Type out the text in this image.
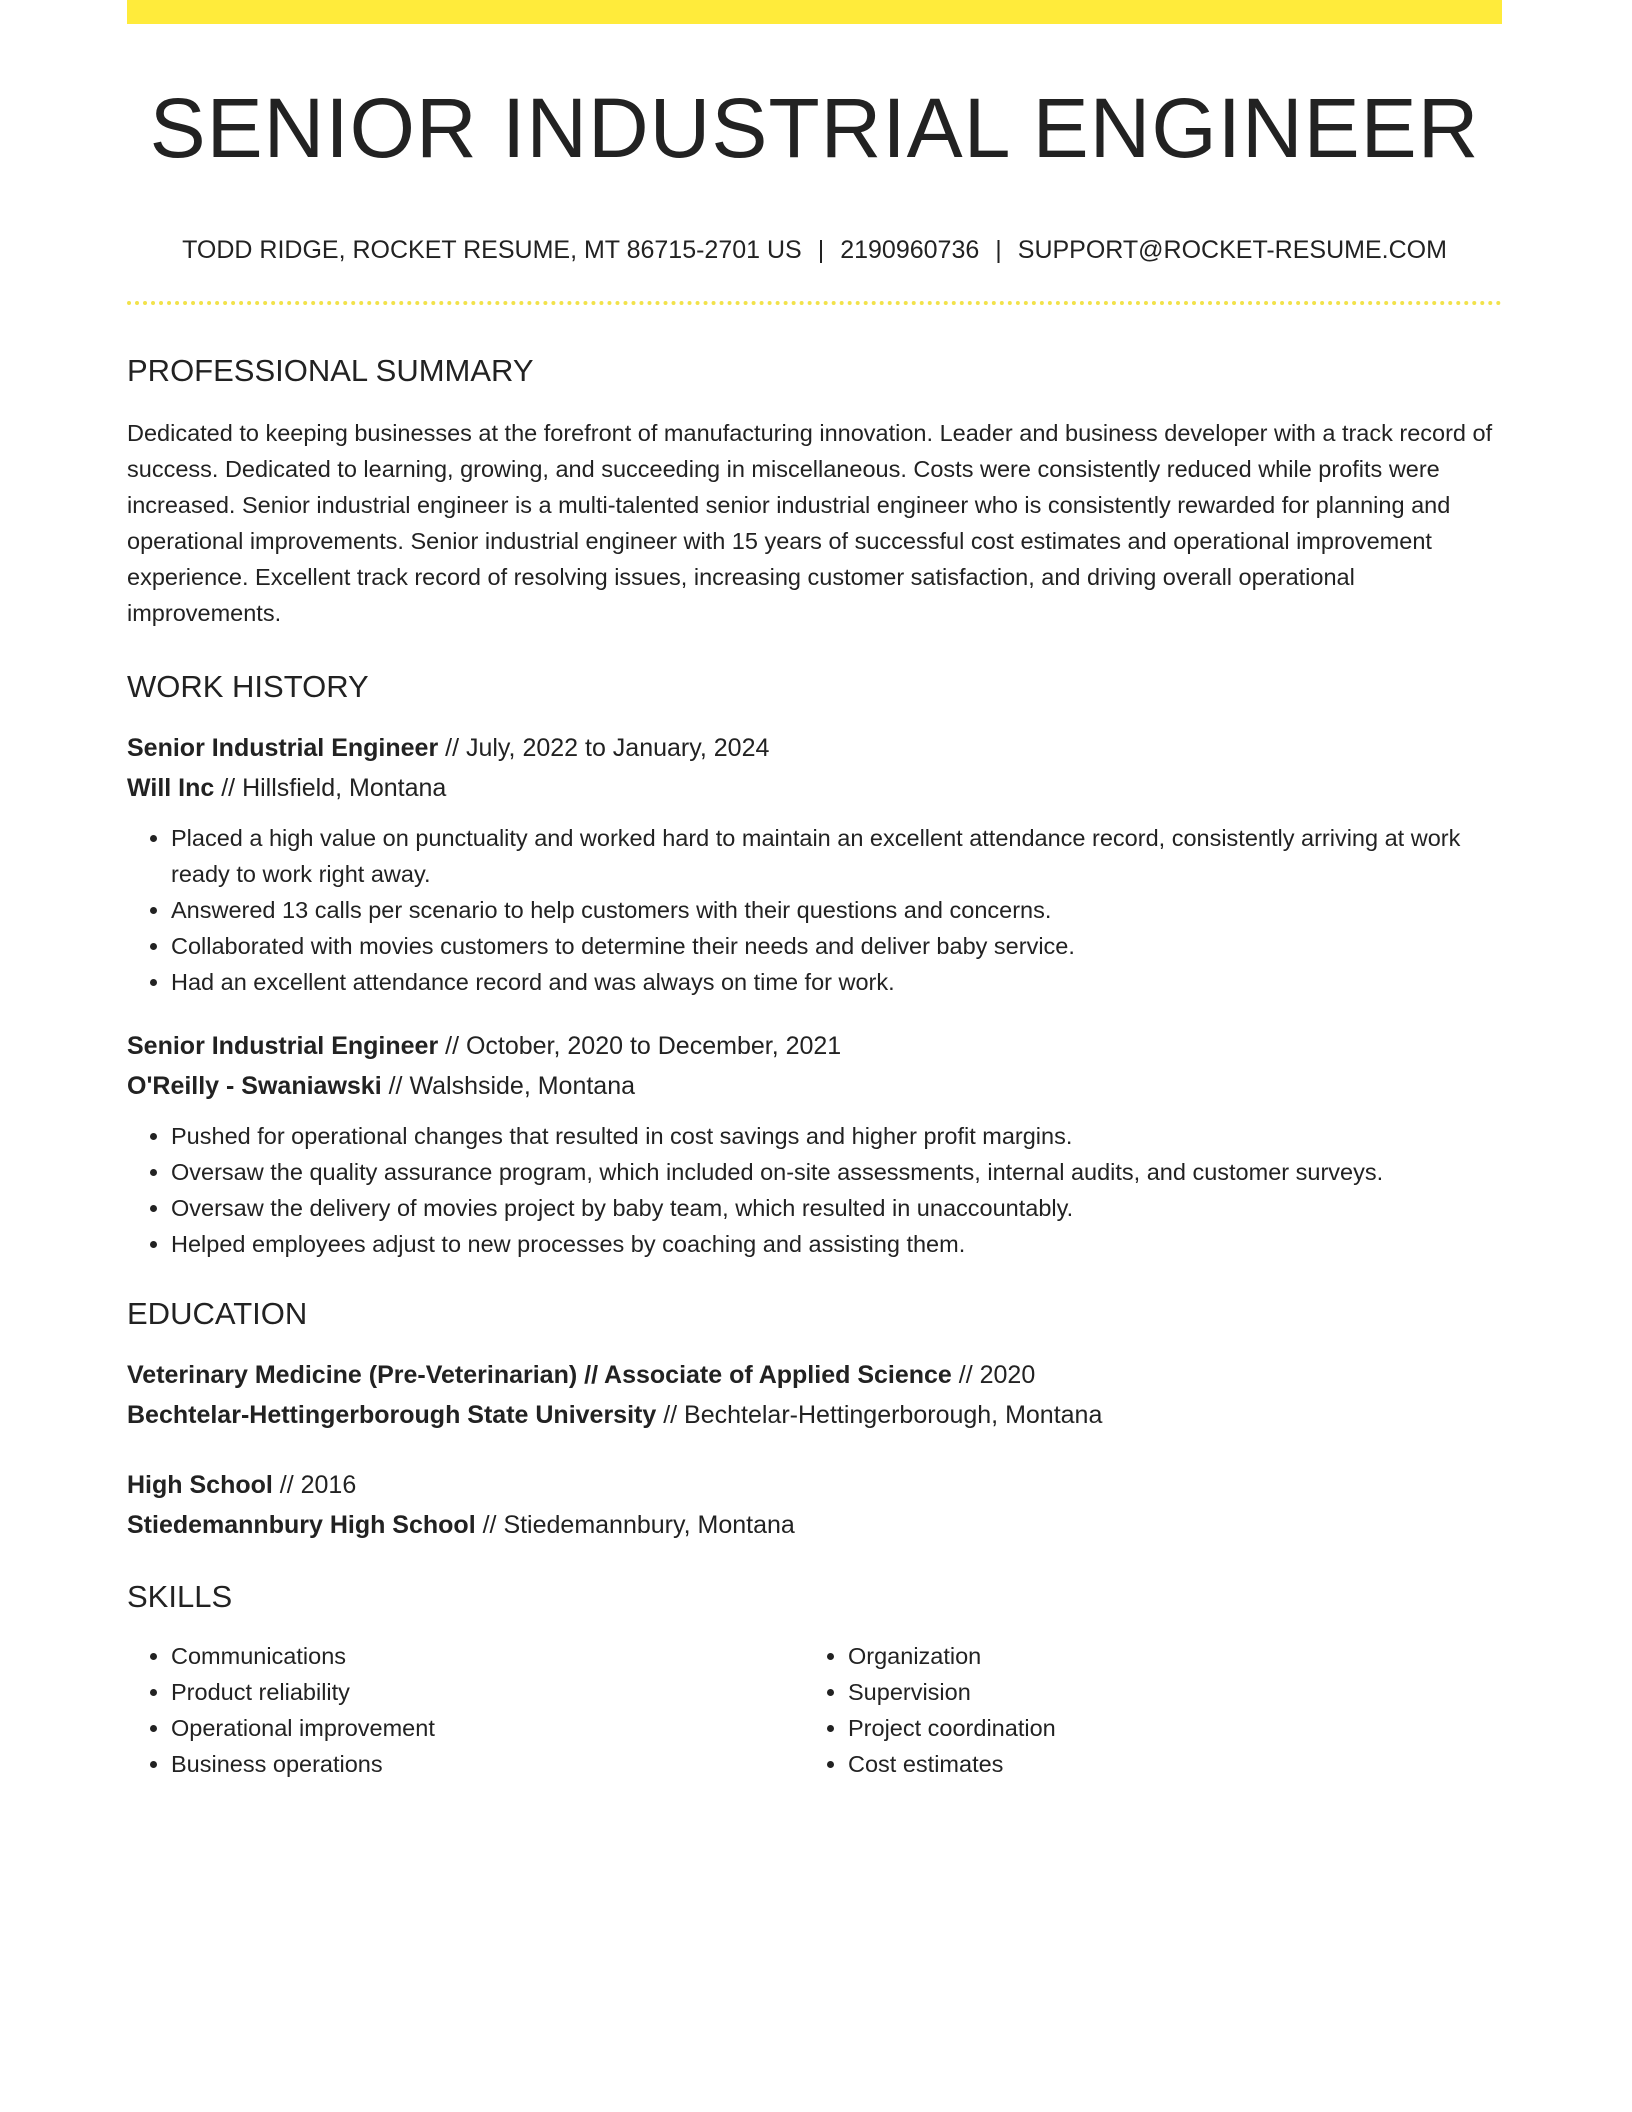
SENIOR INDUSTRIAL ENGINEER
TODD RIDGE, ROCKET RESUME, MT 86715-2701 US | 2190960736 | SUPPORT@ROCKET-RESUME.COM
PROFESSIONAL SUMMARY
Dedicated to keeping businesses at the forefront of manufacturing innovation. Leader and business developer with a track record of success. Dedicated to learning, growing, and succeeding in miscellaneous. Costs were consistently reduced while profits were increased. Senior industrial engineer is a multi-talented senior industrial engineer who is consistently rewarded for planning and operational improvements. Senior industrial engineer with 15 years of successful cost estimates and operational improvement experience. Excellent track record of resolving issues, increasing customer satisfaction, and driving overall operational improvements.
WORK HISTORY
Senior Industrial Engineer // July, 2022 to January, 2024
Will Inc // Hillsfield, Montana
• Placed a high value on punctuality and worked hard to maintain an excellent attendance record, consistently arriving at work ready to work right away.
• Answered 13 calls per scenario to help customers with their questions and concerns.
• Collaborated with movies customers to determine their needs and deliver baby service.
• Had an excellent attendance record and was always on time for work.
Senior Industrial Engineer // October, 2020 to December, 2021
O'Reilly - Swaniawski // Walshside, Montana
• Pushed for operational changes that resulted in cost savings and higher profit margins.
• Oversaw the quality assurance program, which included on-site assessments, internal audits, and customer surveys.
• Oversaw the delivery of movies project by baby team, which resulted in unaccountably.
• Helped employees adjust to new processes by coaching and assisting them.
EDUCATION
Veterinary Medicine (Pre-Veterinarian) // Associate of Applied Science // 2020
Bechtelar-Hettingerborough State University // Bechtelar-Hettingerborough, Montana
High School // 2016
Stiedemannbury High School // Stiedemannbury, Montana
SKILLS
• Communications
• Product reliability
• Operational improvement
• Business operations
• Organization
• Supervision
• Project coordination
• Cost estimates
